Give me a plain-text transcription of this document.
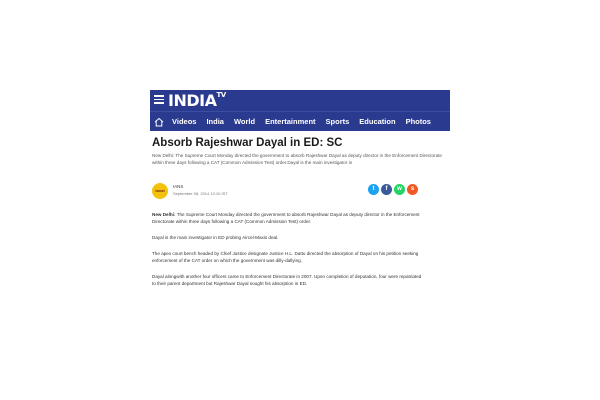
$INDIA^{TV}$
Videos India World Entertainment Sports Education Photos
Absorb Rajeshwar Dayal in ED: SC
New Delhi: The Supreme Court Monday directed the government to absorb Rajeshwar Dayal as deputy director in the Enforcement Directorate within three days following a CAT (Common Admission Test) order.Dayal is the main investigator in
ianst
IANS
September 08, 2014 12:10 IST
t	f	w	s

New Delhi: The Supreme Court Monday directed the government to absorb Rajeshwar Dayal as deputy director in the Enforcement Directorate within three days following a CAT (Common Admission Test) order.

Dayal is the main investigator in ED probing Aircel-Maxis deal.

The apex court bench headed by Chief Justice designate Justice H.L. Dattu directed the absorption of Dayal on his petition seeking enforcement of the CAT order on which the government was dilly-dallying.

Dayal alongwith another four officers came to Enforcement Directorate in 2007. Upon completion of deputation, four were repatriated to their parent department but Rajeshwar Dayal sought his absorption in ED.
